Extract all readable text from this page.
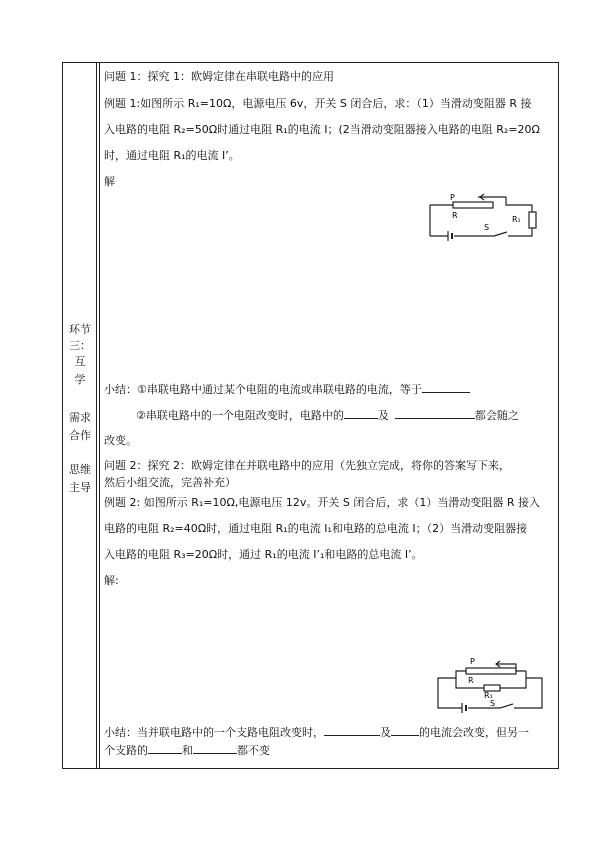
环节
三：
互
学
需求
合作
思维
主导
问题 1：探究 1：欧姆定律在串联电路中的应用
例题 1:如图所示 R₁=10Ω，电源电压 6v，开关 S 闭合后，求：（1）当滑动变阻器 R 接
入电路的电阻 R₂=50Ω时通过电阻 R₁的电流 I；(2当滑动变阻器接入电路的电阻 R₂=20Ω
时，通过电阻 R₁的电流 I’。
解
P
R	R₁
S
小结：①串联电路中通过某个电阻的电流或串联电路的电流，等于
②串联电路中的一个电阻改变时，电路中的	及	都会随之
改变。
问题 2：探究 2：欧姆定律在并联电路中的应用（先独立完成，将你的答案写下来，
然后小组交流，完善补充）
例题 2: 如图所示 R₁=10Ω,电源电压 12v。开关 S 闭合后，求（1）当滑动变阻器 R 接入
电路的电阻 R₂=40Ω时，通过电阻 R₁的电流 I₁和电路的总电流 I；（2）当滑动变阻器接
入电路的电阻 R₃=20Ω时，通过 R₁的电流 I’₁和电路的总电流 I’。
解:
P
R
R₁
S
小结：当并联电路中的一个支路电阻改变时，	及	的电流会改变，但另一
个支路的	和	都不变
